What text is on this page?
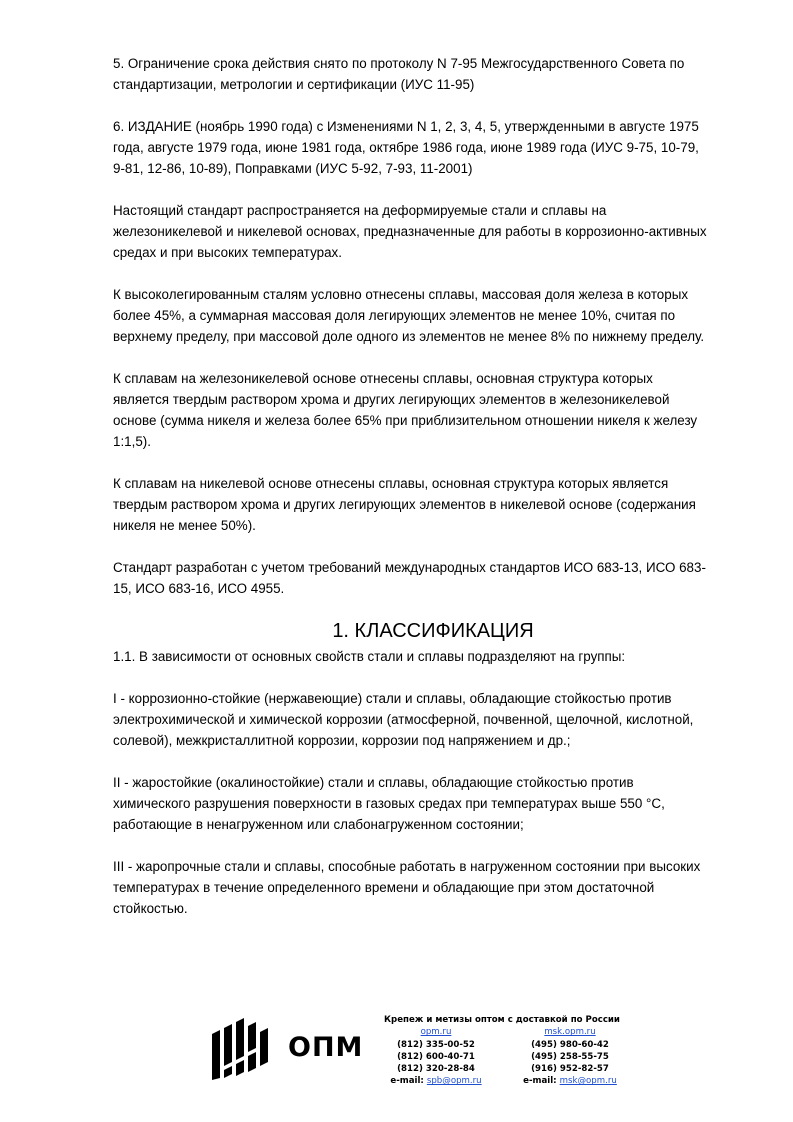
5. Ограничение срока действия снято по протоколу N 7-95 Межгосударственного Совета по
стандартизации, метрологии и сертификации (ИУС 11-95)

6. ИЗДАНИЕ (ноябрь 1990 года) с Изменениями N 1, 2, 3, 4, 5, утвержденными в августе 1975
года, августе 1979 года, июне 1981 года, октябре 1986 года, июне 1989 года (ИУС 9-75, 10-79,
9-81, 12-86, 10-89), Поправками (ИУС 5-92, 7-93, 11-2001)

Настоящий стандарт распространяется на деформируемые стали и сплавы на
железоникелевой и никелевой основах, предназначенные для работы в коррозионно-активных
средах и при высоких температурах.

К высоколегированным сталям условно отнесены сплавы, массовая доля железа в которых
более 45%, а суммарная массовая доля легирующих элементов не менее 10%, считая по
верхнему пределу, при массовой доле одного из элементов не менее 8% по нижнему пределу.

К сплавам на железоникелевой основе отнесены сплавы, основная структура которых
является твердым раствором хрома и других легирующих элементов в железоникелевой
основе (сумма никеля и железа более 65% при приблизительном отношении никеля к железу
1:1,5).

К сплавам на никелевой основе отнесены сплавы, основная структура которых является
твердым раствором хрома и других легирующих элементов в никелевой основе (содержания
никеля не менее 50%).

Стандарт разработан с учетом требований международных стандартов ИСО 683-13, ИСО 683-
15, ИСО 683-16, ИСО 4955.

1. КЛАССИФИКАЦИЯ

1.1. В зависимости от основных свойств стали и сплавы подразделяют на группы:

I - коррозионно-стойкие (нержавеющие) стали и сплавы, обладающие стойкостью против
электрохимической и химической коррозии (атмосферной, почвенной, щелочной, кислотной,
солевой), межкристаллитной коррозии, коррозии под напряжением и др.;

II - жаростойкие (окалиностойкие) стали и сплавы, обладающие стойкостью против
химического разрушения поверхности в газовых средах при температурах выше 550 °С,
работающие в ненагруженном или слабонагруженном состоянии;

III - жаропрочные стали и сплавы, способные работать в нагруженном состоянии при высоких
температурах в течение определенного времени и обладающие при этом достаточной
стойкостью.

ОПМ
Крепеж и метизы оптом с доставкой по России
opm.ru
(812) 335-00-52
(812) 600-40-71
(812) 320-28-84
e-mail: spb@opm.ru
msk.opm.ru
(495) 980-60-42
(495) 258-55-75
(916) 952-82-57
e-mail: msk@opm.ru
